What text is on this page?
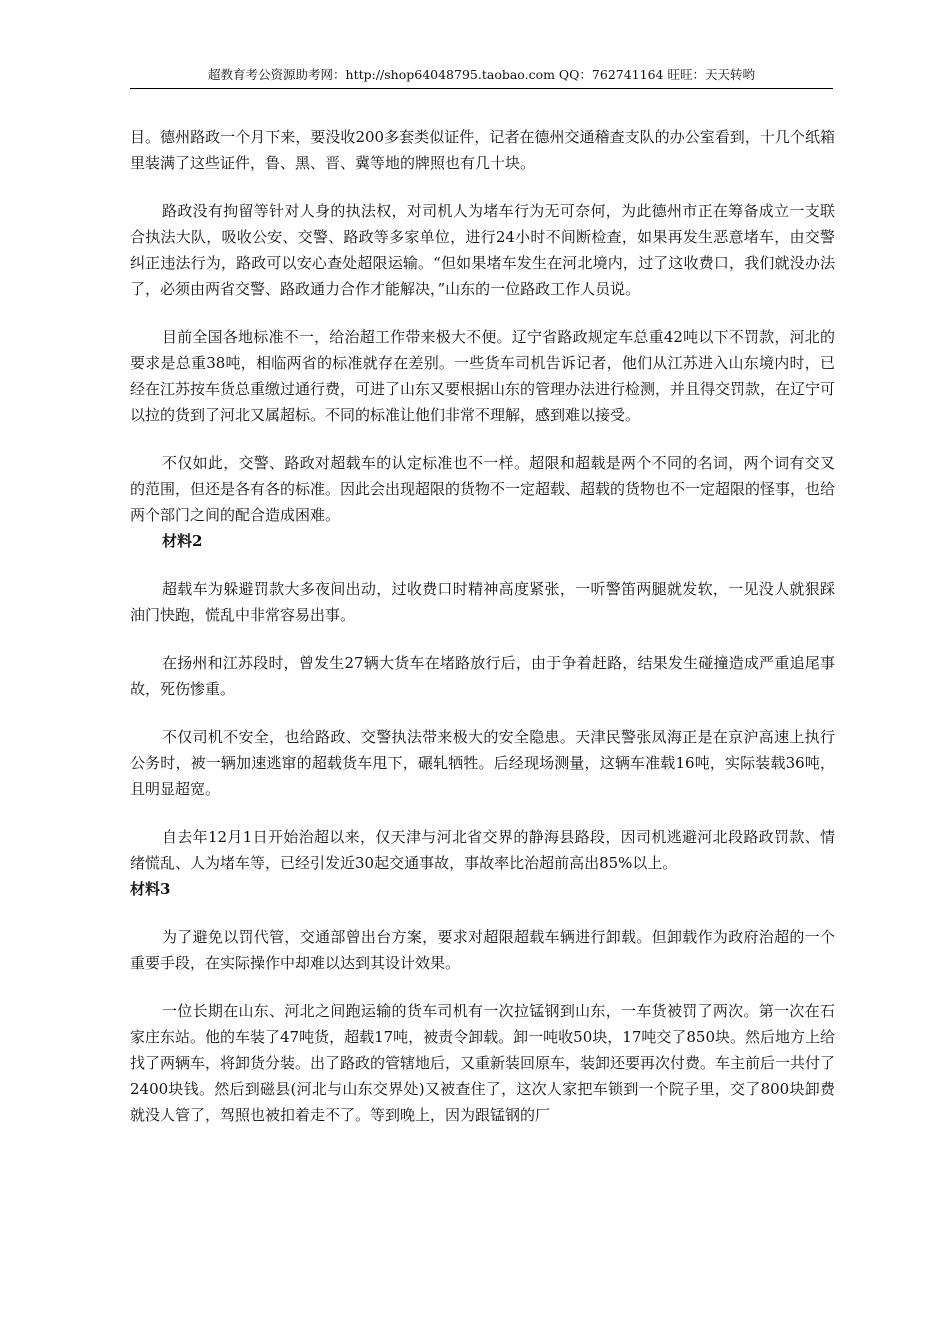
超教育考公资源助考网：http://shop64048795.taobao.com QQ：762741164 旺旺：天天转哟

目。德州路政一个月下来，要没收200多套类似证件，记者在德州交通稽查支队的办公室看到，十几个纸箱里装满了这些证件，鲁、黑、晋、冀等地的牌照也有几十块。

路政没有拘留等针对人身的执法权，对司机人为堵车行为无可奈何，为此德州市正在筹备成立一支联合执法大队，吸收公安、交警、路政等多家单位，进行24小时不间断检查，如果再发生恶意堵车，由交警纠正违法行为，路政可以安心查处超限运输。“但如果堵车发生在河北境内，过了这收费口，我们就没办法了，必须由两省交警、路政通力合作才能解决，”山东的一位路政工作人员说。

目前全国各地标准不一，给治超工作带来极大不便。辽宁省路政规定车总重42吨以下不罚款，河北的要求是总重38吨，相临两省的标准就存在差别。一些货车司机告诉记者，他们从江苏进入山东境内时，已经在江苏按车货总重缴过通行费，可进了山东又要根据山东的管理办法进行检测，并且得交罚款，在辽宁可以拉的货到了河北又属超标。不同的标准让他们非常不理解，感到难以接受。

不仅如此，交警、路政对超载车的认定标准也不一样。超限和超载是两个不同的名词，两个词有交叉的范围，但还是各有各的标准。因此会出现超限的货物不一定超载、超载的货物也不一定超限的怪事，也给两个部门之间的配合造成困难。

材料2

超载车为躲避罚款大多夜间出动，过收费口时精神高度紧张，一听警笛两腿就发软，一见没人就狠踩油门快跑，慌乱中非常容易出事。

在扬州和江苏段时，曾发生27辆大货车在堵路放行后，由于争着赶路，结果发生碰撞造成严重追尾事故，死伤惨重。

不仅司机不安全，也给路政、交警执法带来极大的安全隐患。天津民警张凤海正是在京沪高速上执行公务时，被一辆加速逃窜的超载货车甩下，碾轧牺牲。后经现场测量，这辆车准载16吨，实际装载36吨，且明显超宽。

自去年12月1日开始治超以来，仅天津与河北省交界的静海县路段，因司机逃避河北段路政罚款、情绪慌乱、人为堵车等，已经引发近30起交通事故，事故率比治超前高出85%以上。

材料3

为了避免以罚代管，交通部曾出台方案，要求对超限超载车辆进行卸载。但卸载作为政府治超的一个重要手段，在实际操作中却难以达到其设计效果。

一位长期在山东、河北之间跑运输的货车司机有一次拉锰钢到山东，一车货被罚了两次。第一次在石家庄东站。他的车装了47吨货，超载17吨，被责令卸载。卸一吨收50块，17吨交了850块。然后地方上给找了两辆车，将卸货分装。出了路政的管辖地后，又重新装回原车，装卸还要再次付费。车主前后一共付了2400块钱。然后到磁县(河北与山东交界处)又被查住了，这次人家把车锁到一个院子里，交了800块卸费就没人管了，驾照也被扣着走不了。等到晚上，因为跟锰钢的厂
